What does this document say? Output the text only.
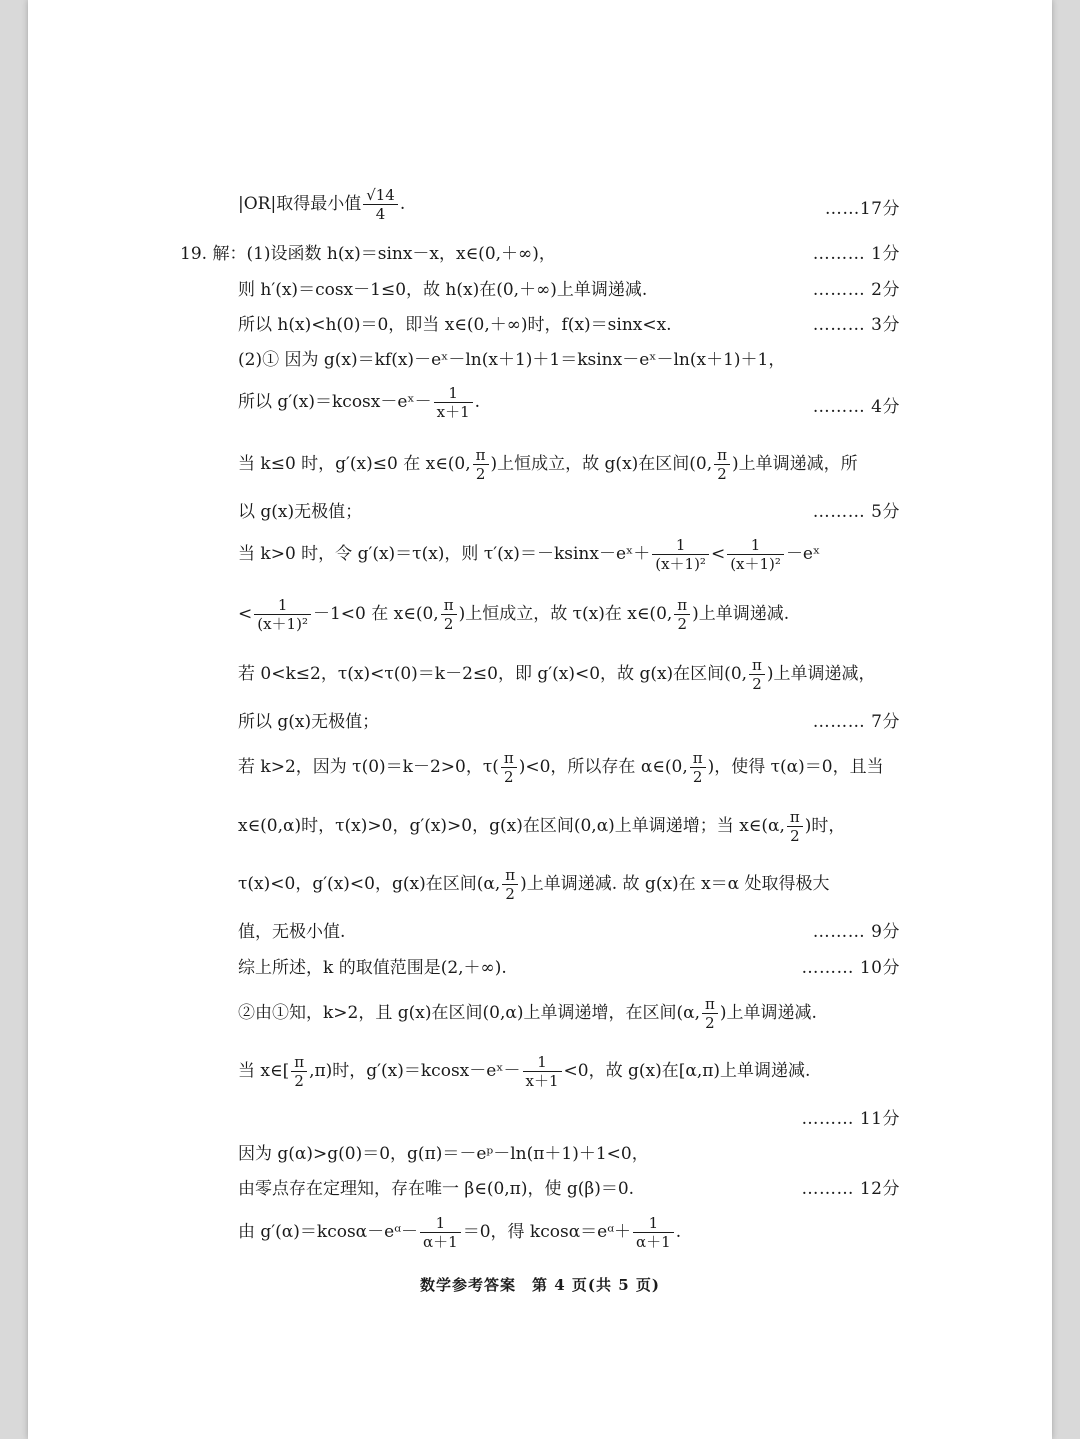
|OR|取得最小值 $\frac{√14}{4}$ .	……17分
19. 解：(1)设函数 h(x)＝sinx－x，x∈(0,＋∞)，	……… 1分
则 h′(x)＝cosx－1≤0，故 h(x)在(0,＋∞)上单调递减.	……… 2分
所以 h(x)<h(0)＝0，即当 x∈(0,＋∞)时，f(x)＝sinx<x.	……… 3分
(2)① 因为 g(x)＝kf(x)－eˣ－ln(x＋1)＋1＝ksinx－eˣ－ln(x＋1)＋1，
所以 g′(x)＝kcosx－eˣ－ $\frac{1}{x+1}$ .	……… 4分
当 k≤0 时，g′(x)≤0 在 x∈(0, $\frac{\pi}{2}$ )上恒成立，故 g(x)在区间(0, $\frac{\pi}{2}$ )上单调递减，所
以 g(x)无极值；	……… 5分
当 k>0 时，令 g′(x)＝τ(x)，则 τ′(x)＝－ksinx－eˣ＋ $\frac{1}{\text{(x＋1)²}} < \frac{1}{\text{(x＋1)²}}$ －eˣ
< $\frac{1}{\text{(x＋1)²}} -1<0$ 在 x∈(0, $\frac{\pi}{2}$ )上恒成立，故 τ(x)在 x∈(0, $\frac{\pi}{2}$ )上单调递减.
若 0<k≤2，τ(x)<τ(0)＝k－2≤0，即 g′(x)<0，故 g(x)在区间(0, $\frac{\pi}{2}$ )上单调递减，
所以 g(x)无极值；	……… 7分
若 k>2，因为 τ(0)＝k－2>0，$\tau( \frac{\pi}{2} )<0$，所以存在 α∈(0, $\frac{\pi}{2}$ )，使得 τ(α)＝0，且当
x∈(0,α)时，τ(x)>0，g′(x)>0，g(x)在区间(0,α)上单调递增；当 x∈(α, $\frac{\pi}{2}$ )时，
τ(x)<0，g′(x)<0，g(x)在区间(α, $\frac{\pi}{2}$ )上单调递减. 故 g(x)在 x＝α 处取得极大
值，无极小值.	……… 9分
综上所述，k 的取值范围是(2,＋∞).	……… 10分
②由①知，k>2，且 g(x)在区间(0,α)上单调递增，在区间(α, $\frac{\pi}{2}$ )上单调递减.
当 x∈[ $\frac{\pi}{2} ,\pi$)时，g′(x)＝kcosx－eˣ－ $\frac{1}{x+1} <0$，故 g(x)在[α,π)上单调递减.
……… 11分
因为 g(α)>g(0)＝0，g(π)＝－eᵖ－ln(π＋1)＋1<0，
由零点存在定理知，存在唯一 β∈(0,π)，使 g(β)＝0.	……… 12分
由 g′(α)＝kcosα－eᵅ－ $\frac{1}{\alpha+1} =0$，得 kcosα＝eᵅ＋ $\frac{1}{\alpha+1}$ .
数学参考答案　第 4 页(共 5 页)
